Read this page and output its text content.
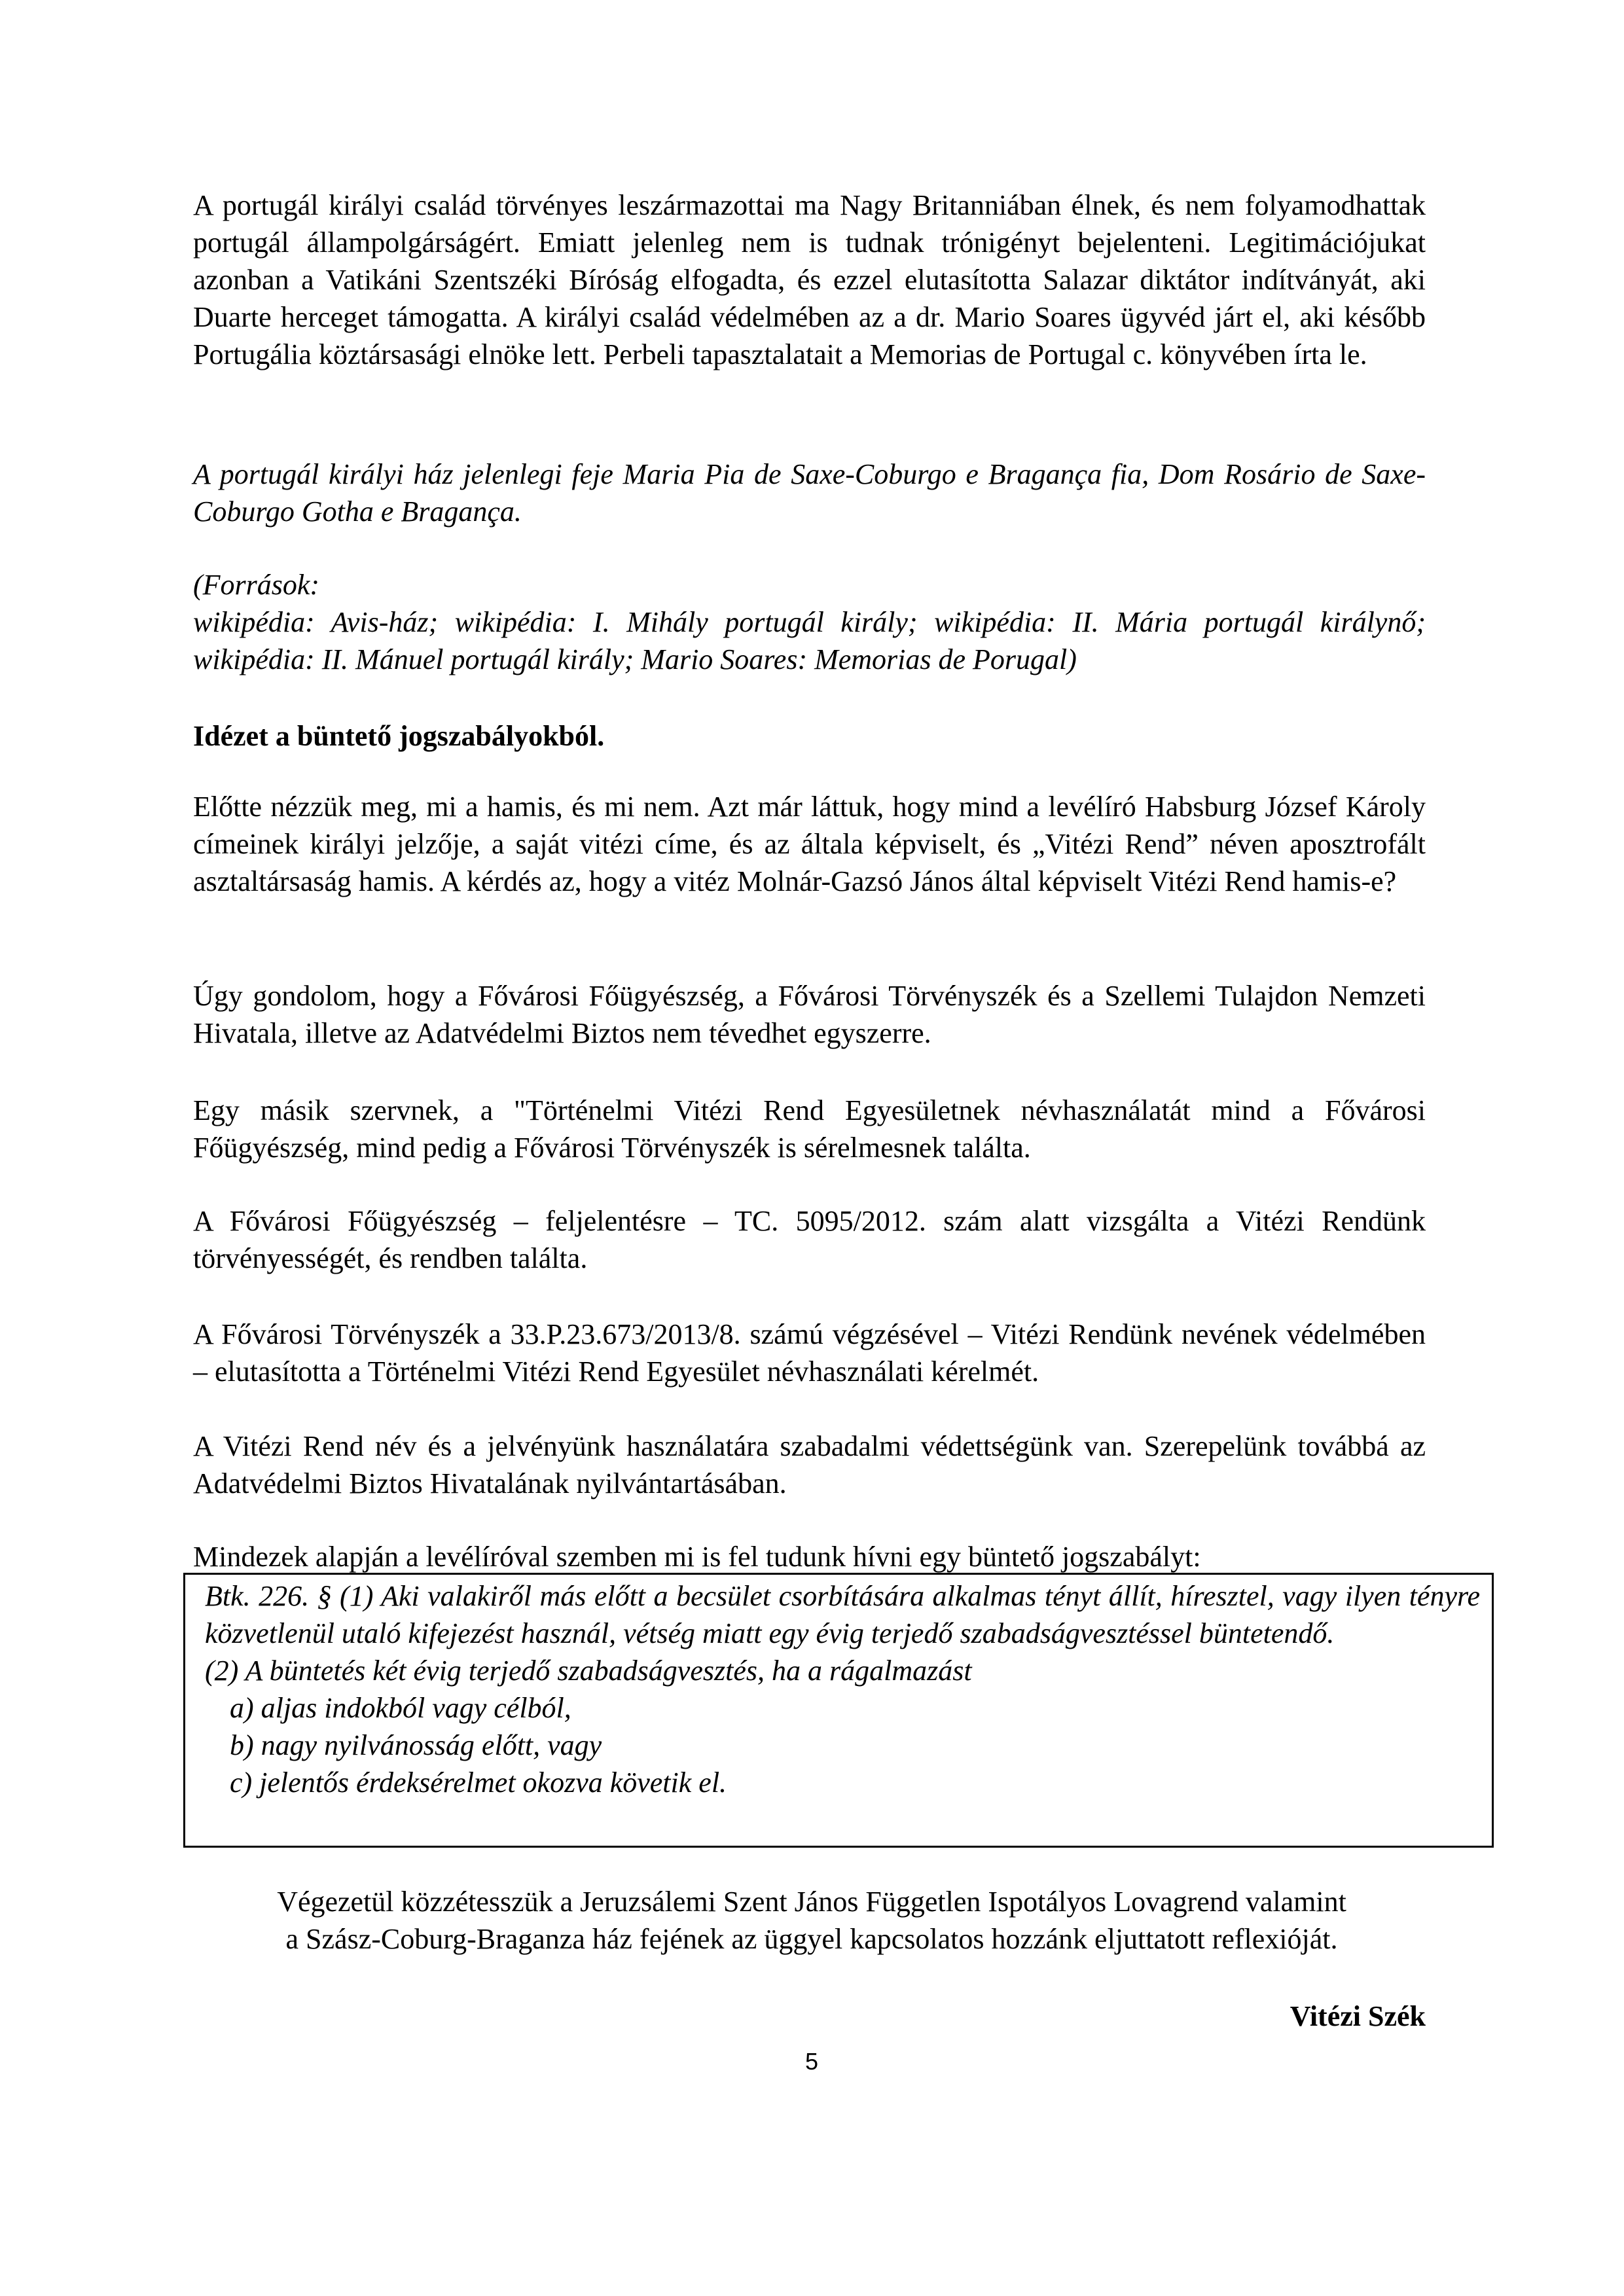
A portugál királyi család törvényes leszármazottai ma Nagy Britanniában élnek, és nem folyamodhattak portugál állampolgárságért. Emiatt jelenleg nem is tudnak trónigényt bejelenteni. Legitimációjukat azonban a Vatikáni Szentszéki Bíróság elfogadta, és ezzel elutasította Salazar diktátor indítványát, aki Duarte herceget támogatta. A királyi család védelmében az a dr. Mario Soares ügyvéd járt el, aki később Portugália köztársasági elnöke lett. Perbeli tapasztalatait a Memorias de Portugal c. könyvében írta le.

A portugál királyi ház jelenlegi feje Maria Pia de Saxe-Coburgo e Bragança fia, Dom Rosário de Saxe-Coburgo Gotha e Bragança.

(Források:
wikipédia: Avis-ház; wikipédia: I. Mihály portugál király; wikipédia: II. Mária portugál királynő; wikipédia: II. Mánuel portugál király; Mario Soares: Memorias de Porugal)

Idézet a büntető jogszabályokból.

Előtte nézzük meg, mi a hamis, és mi nem. Azt már láttuk, hogy mind a levélíró Habsburg József Károly címeinek királyi jelzője, a saját vitézi címe, és az általa képviselt, és „Vitézi Rend” néven aposztrofált asztaltársaság hamis. A kérdés az, hogy a vitéz Molnár-Gazsó János által képviselt Vitézi Rend hamis-e?

Úgy gondolom, hogy a Fővárosi Főügyészség, a Fővárosi Törvényszék és a Szellemi Tulajdon Nemzeti Hivatala, illetve az Adatvédelmi Biztos nem tévedhet egyszerre.

Egy másik szervnek, a "Történelmi Vitézi Rend Egyesületnek névhasználatát mind a Fővárosi Főügyészség, mind pedig a Fővárosi Törvényszék is sérelmesnek találta.

A Fővárosi Főügyészség – feljelentésre – TC. 5095/2012. szám alatt vizsgálta a Vitézi Rendünk törvényességét, és rendben találta.

A Fővárosi Törvényszék a 33.P.23.673/2013/8. számú végzésével – Vitézi Rendünk nevének védelmében – elutasította a Történelmi Vitézi Rend Egyesület névhasználati kérelmét.

A Vitézi Rend név és a jelvényünk használatára szabadalmi védettségünk van. Szerepelünk továbbá az Adatvédelmi Biztos Hivatalának nyilvántartásában.

Mindezek alapján a levélíróval szemben mi is fel tudunk hívni egy büntető jogszabályt:

Btk. 226. § (1) Aki valakiről más előtt a becsület csorbítására alkalmas tényt állít, híresztel, vagy ilyen tényre közvetlenül utaló kifejezést használ, vétség miatt egy évig terjedő szabadságvesztéssel büntetendő.
(2) A büntetés két évig terjedő szabadságvesztés, ha a rágalmazást
a) aljas indokból vagy célból,
b) nagy nyilvánosság előtt, vagy
c) jelentős érdeksérelmet okozva követik el.
Végezetül közzétesszük a Jeruzsálemi Szent János Független Ispotályos Lovagrend valamint
a Szász-Coburg-Braganza ház fejének az üggyel kapcsolatos hozzánk eljuttatott reflexióját.
Vitézi Szék
5
